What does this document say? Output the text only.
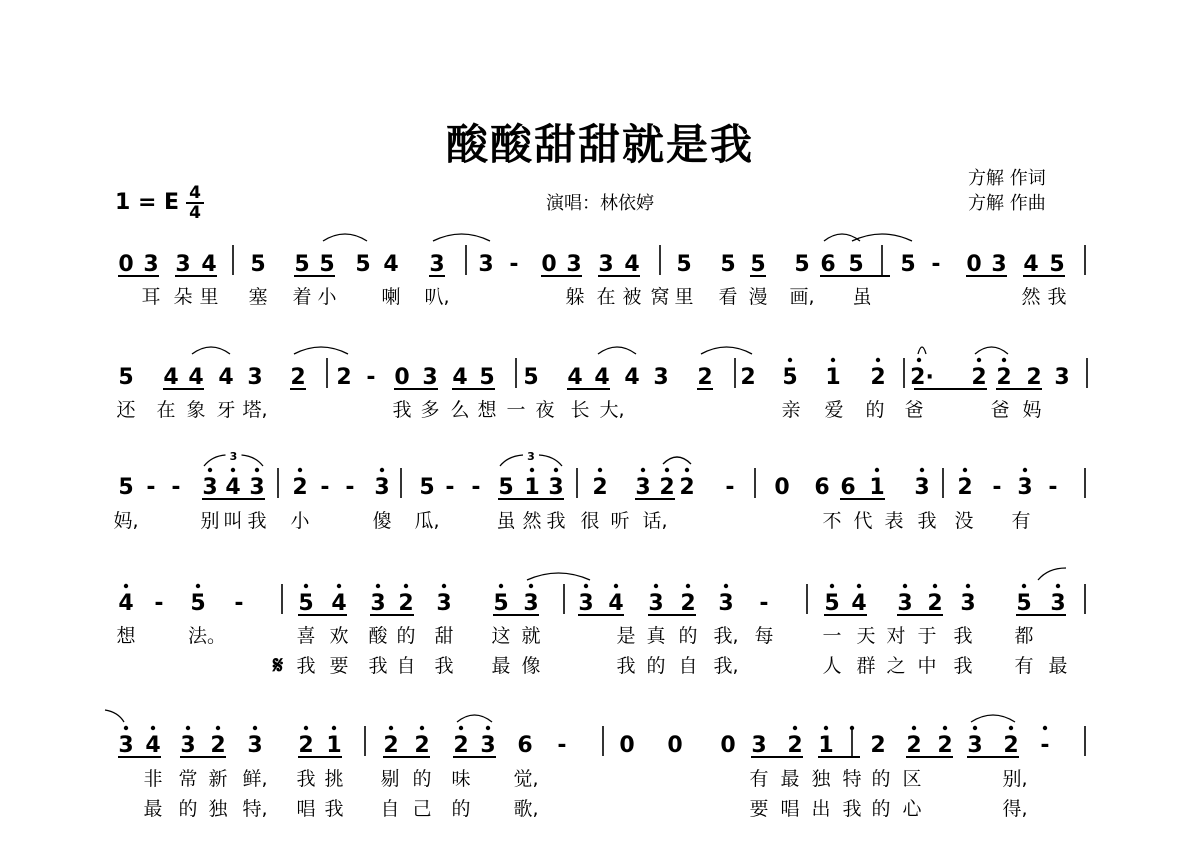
酸酸甜甜就是我
方解 作词
方解 作曲
演唱：林依婷
1 = E 4
4
0 3 3 4 5 5 5 5 4 3 3 - 0 3 3 4 5 5 5 5 6 5 5 - 0 3 4 5
耳 朵 里 塞 着 小 喇 叭,	躲 在 被 窝 里 看 漫 画, 虽	然 我
5 4 4 4 3 2 2 - 0 3 4 5 5 4 4 4 3 2 2 5 1 2 2· 2 2 2 3
还 在 象 牙 塔,	我 多 么 想 一 夜 长 大,	亲 爱 的 爸	爸 妈
5 - - 3 4 3 2 - - 3 5 - - 5 1 3 2 3 2 2 - 0 6 6 1 3 2 - 3 -
3	3
妈,	别 叫 我 小	傻 瓜,	虽 然 我 很 听 话,	不 代 表 我 没 有
4 - 5 - 5 4 3 2 3 5 3 3 4 3 2 3 -	5 4 3 2 3 5 3
想	法。	喜 欢 酸 的 甜 这 就	是 真 的 我, 每	一 天 对 于 我 都
我 要 我 自 我 最 像	我 的 自 我,	人 群 之 中 我 有 最
𝄋
3 4 3 2 3 2 1 2 2 2 3 6 - 0 0 0 3 2 1 2 2 2 3 2 -
非 常 新 鲜, 我 挑 剔 的 味 觉,	有 最 独 特 的 区	别,
最 的 独 特, 唱 我 自 己 的 歌,	要 唱 出 我 的 心	得,
